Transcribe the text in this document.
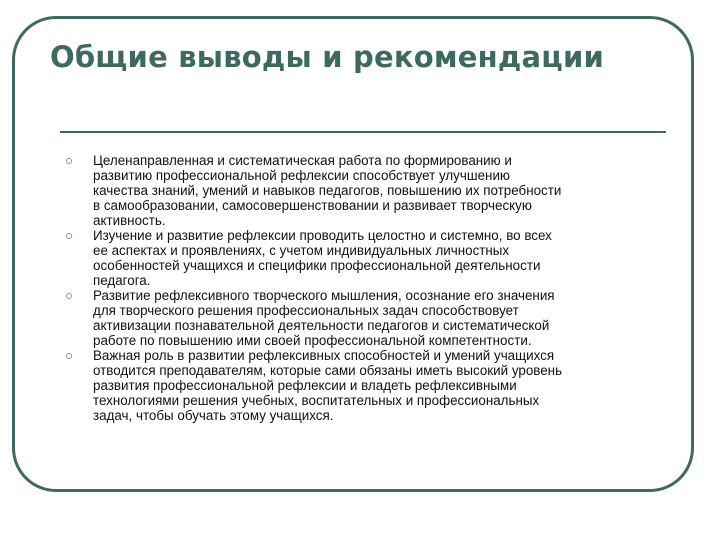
Общие выводы и рекомендации
Целенаправленная и систематическая работа по формированию и
развитию профессиональной рефлексии способствует улучшению
качества знаний, умений и навыков педагогов, повышению их потребности
в самообразовании, самосовершенствовании и развивает творческую
активность.
Изучение и развитие рефлексии проводить целостно и системно, во всех
ее аспектах и проявлениях, с учетом индивидуальных личностных
особенностей учащихся и специфики профессиональной деятельности
педагога.
Развитие рефлексивного творческого мышления, осознание его значения
для творческого решения профессиональных задач способствовует
активизации познавательной деятельности педагогов и систематической
работе по повышению ими своей профессиональной компетентности.
Важная роль в развитии рефлексивных способностей и умений учащихся
отводится преподавателям, которые сами обязаны иметь высокий уровень
развития профессиональной рефлексии и владеть рефлексивными
технологиями решения учебных, воспитательных и профессиональных
задач, чтобы обучать этому учащихся.
